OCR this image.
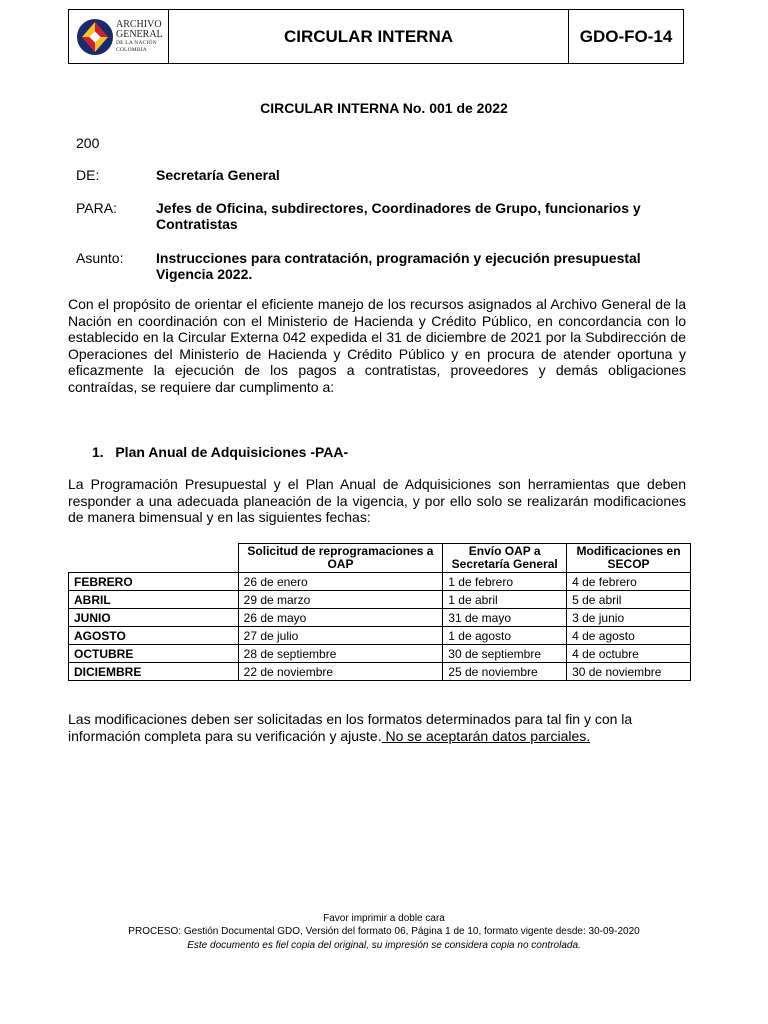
ARCHIVO
GENERAL
DE LA NACIÓN
COLOMBIA
CIRCULAR INTERNA	GDO-FO-14
CIRCULAR INTERNA No. 001 de 2022
200
DE:	Secretaría General
PARA:	Jefes de Oficina, subdirectores, Coordinadores de Grupo, funcionarios y Contratistas
Asunto: Instrucciones para contratación, programación y ejecución presupuestal Vigencia 2022.
Con el propósito de orientar el eficiente manejo de los recursos asignados al Archivo General de la Nación en coordinación con el Ministerio de Hacienda y Crédito Público, en concordancia con lo establecido en la Circular Externa 042 expedida el 31 de diciembre de 2021 por la Subdirección de Operaciones del Ministerio de Hacienda y Crédito Público y en procura de atender oportuna y eficazmente la ejecución de los pagos a contratistas, proveedores y demás obligaciones contraídas, se requiere dar cumplimento a:
1.   Plan Anual de Adquisiciones -PAA-
La Programación Presupuestal y el Plan Anual de Adquisiciones son herramientas que deben responder a una adecuada planeación de la vigencia, y por ello solo se realizarán modificaciones de manera bimensual y en las siguientes fechas:
	Solicitud de reprogramaciones a OAP	Envío OAP a Secretaría General	Modificaciones en SECOP
FEBRERO	26 de enero	1 de febrero	4 de febrero
ABRIL	29 de marzo	1 de abril	5 de abril
JUNIO	26 de mayo	31 de mayo	3 de junio
AGOSTO	27 de julio	1 de agosto	4 de agosto
OCTUBRE	28 de septiembre	30 de septiembre	4 de octubre
DICIEMBRE	22 de noviembre	25 de noviembre	30 de noviembre
Las modificaciones deben ser solicitadas en los formatos determinados para tal fin y con la información completa para su verificación y ajuste. No se aceptarán datos parciales.
Favor imprimir a doble cara
PROCESO: Gestión Documental GDO, Versión del formato 06, Página 1 de 10, formato vigente desde: 30-09-2020
Este documento es fiel copia del original, su impresión se considera copia no controlada.
